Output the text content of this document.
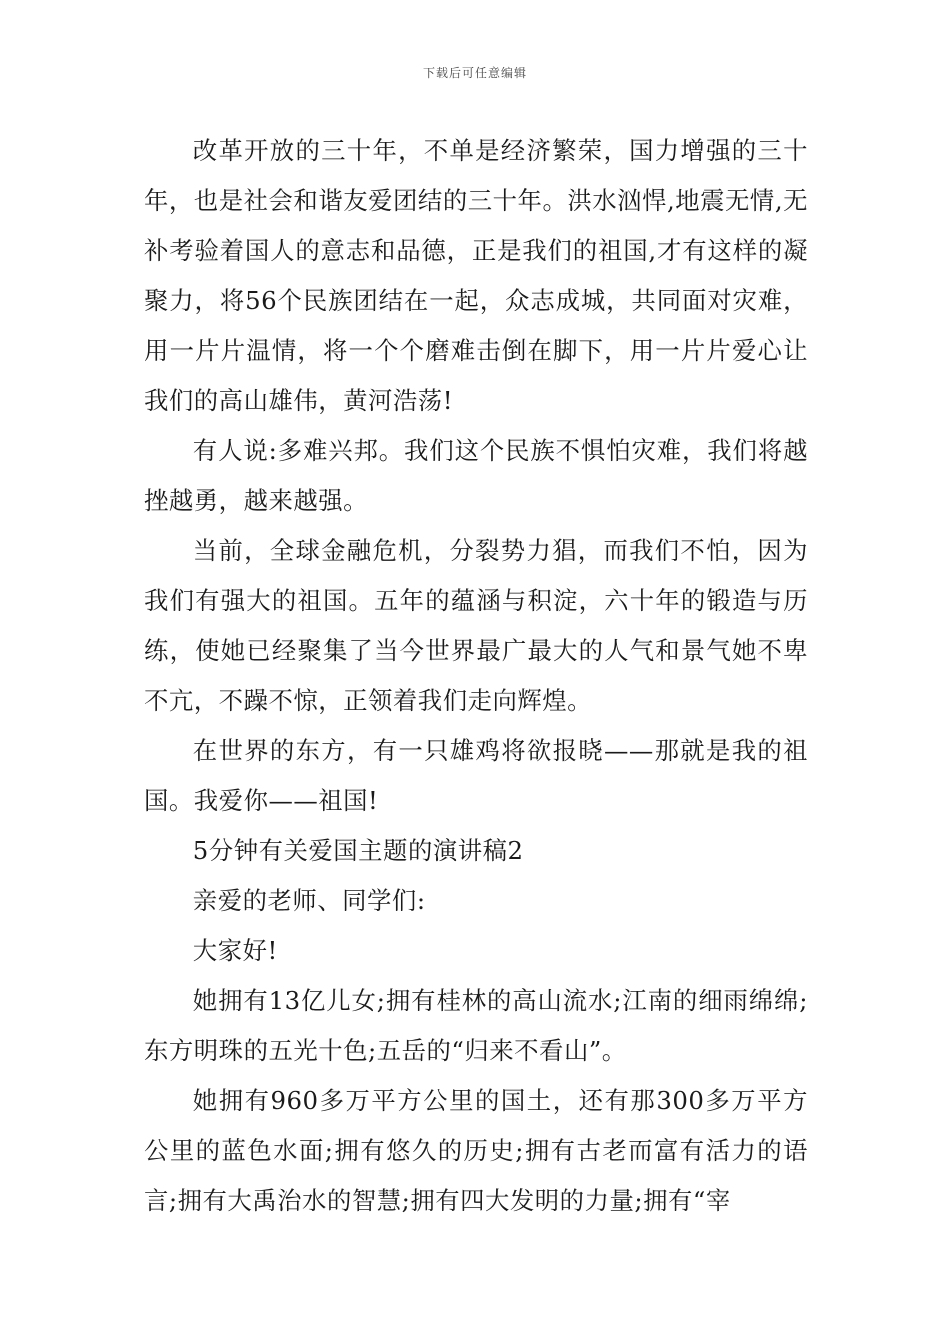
下载后可任意编辑

改革开放的三十年，不单是经济繁荣，国力增强的三十年，也是社会和谐友爱团结的三十年。洪水汹悍,地震无情,无补考验着国人的意志和品德，正是我们的祖国,才有这样的凝聚力，将56个民族团结在一起，众志成城，共同面对灾难，用一片片温情，将一个个磨难击倒在脚下，用一片片爱心让我们的高山雄伟，黄河浩荡!

有人说:多难兴邦。我们这个民族不惧怕灾难，我们将越挫越勇，越来越强。

当前，全球金融危机，分裂势力猖，而我们不怕，因为我们有强大的祖国。五年的蕴涵与积淀，六十年的锻造与历练，使她已经聚集了当今世界最广最大的人气和景气她不卑不亢，不躁不惊，正领着我们走向辉煌。

在世界的东方，有一只雄鸡将欲报晓——那就是我的祖国。我爱你——祖国!

5分钟有关爱国主题的演讲稿2

亲爱的老师、同学们:

大家好!

她拥有13亿儿女;拥有桂林的高山流水;江南的细雨绵绵;东方明珠的五光十色;五岳的“归来不看山”。

她拥有960多万平方公里的国土，还有那300多万平方公里的蓝色水面;拥有悠久的历史;拥有古老而富有活力的语言;拥有大禹治水的智慧;拥有四大发明的力量;拥有“宰
